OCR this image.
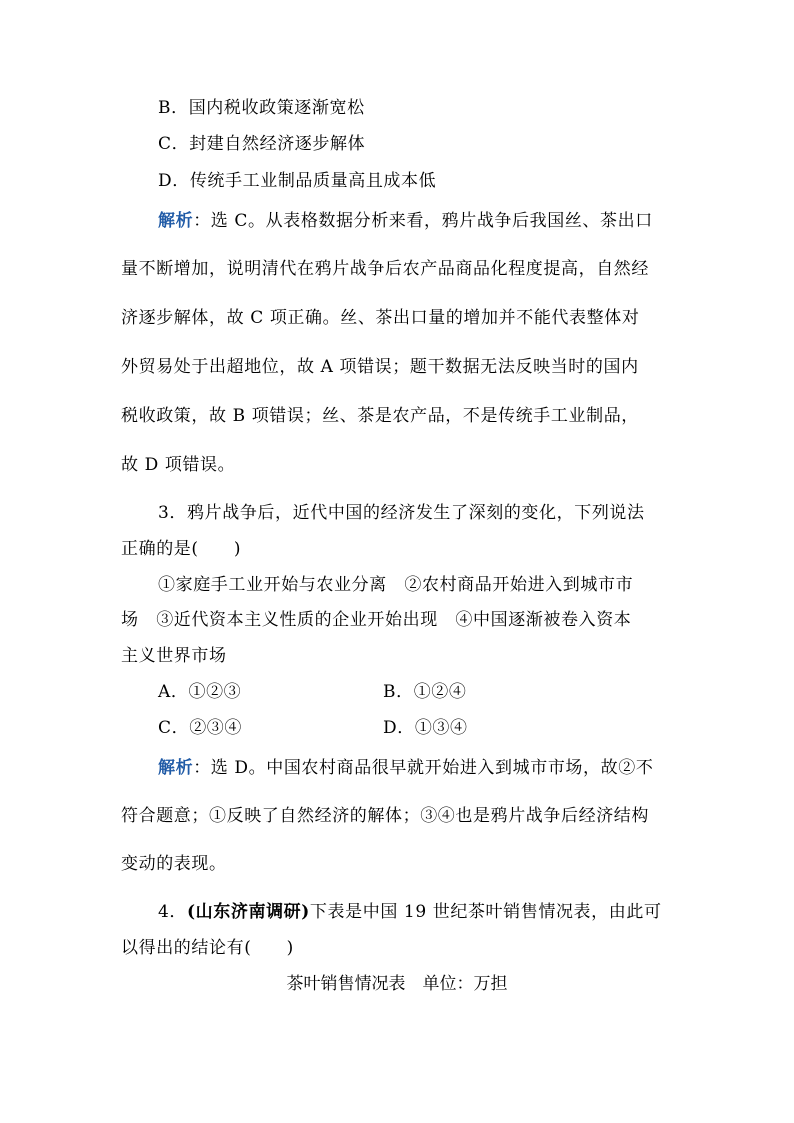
B．国内税收政策逐渐宽松
C．封建自然经济逐步解体
D．传统手工业制品质量高且成本低
解析：选 C。从表格数据分析来看，鸦片战争后我国丝、茶出口
量不断增加，说明清代在鸦片战争后农产品商品化程度提高，自然经
济逐步解体，故 C 项正确。丝、茶出口量的增加并不能代表整体对
外贸易处于出超地位，故 A 项错误；题干数据无法反映当时的国内
税收政策，故 B 项错误；丝、茶是农产品，不是传统手工业制品，
故 D 项错误。
3．鸦片战争后，近代中国的经济发生了深刻的变化，下列说法
正确的是(　　)
①家庭手工业开始与农业分离　②农村商品开始进入到城市市
场　③近代资本主义性质的企业开始出现　④中国逐渐被卷入资本
主义世界市场
A．①②③	B．①②④
C．②③④	D．①③④
解析：选 D。中国农村商品很早就开始进入到城市市场，故②不
符合题意；①反映了自然经济的解体；③④也是鸦片战争后经济结构
变动的表现。
4．(山东济南调研)下表是中国 19 世纪茶叶销售情况表，由此可
以得出的结论有(　　)
茶叶销售情况表　单位：万担
